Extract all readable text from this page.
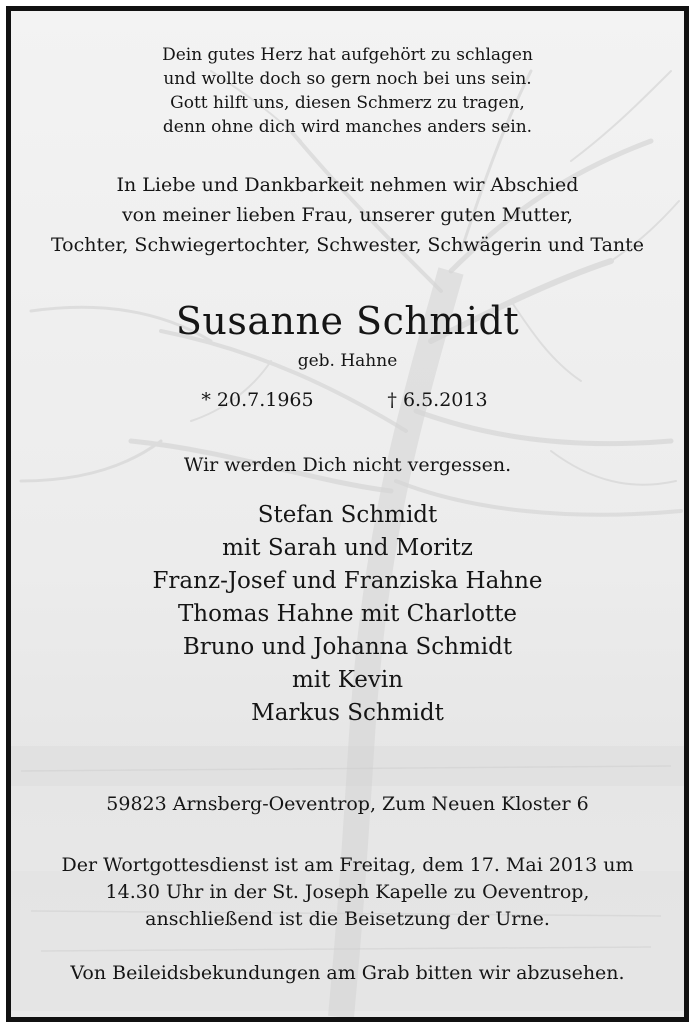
Dein gutes Herz hat aufgehört zu schlagen
und wollte doch so gern noch bei uns sein.
Gott hilft uns, diesen Schmerz zu tragen,
denn ohne dich wird manches anders sein.
In Liebe und Dankbarkeit nehmen wir Abschied
von meiner lieben Frau, unserer guten Mutter,
Tochter, Schwiegertochter, Schwester, Schwägerin und Tante
Susanne Schmidt
geb. Hahne
* 20.7.1965	† 6.5.2013
Wir werden Dich nicht vergessen.
Stefan Schmidt
mit Sarah und Moritz
Franz-Josef und Franziska Hahne
Thomas Hahne mit Charlotte
Bruno und Johanna Schmidt
mit Kevin
Markus Schmidt
59823 Arnsberg-Oeventrop, Zum Neuen Kloster 6
Der Wortgottesdienst ist am Freitag, dem 17. Mai 2013 um
14.30 Uhr in der St. Joseph Kapelle zu Oeventrop,
anschließend ist die Beisetzung der Urne.
Von Beileidsbekundungen am Grab bitten wir abzusehen.
